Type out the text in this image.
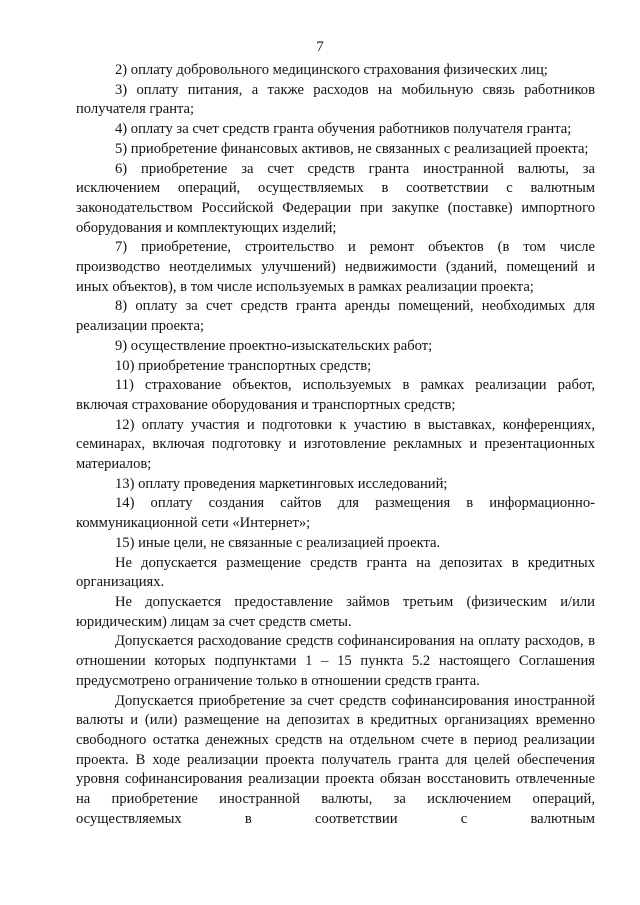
7

2) оплату добровольного медицинского страхования физических лиц;

3) оплату питания, а также расходов на мобильную связь работников получателя гранта;

4) оплату за счет средств гранта обучения работников получателя гранта;

5) приобретение финансовых активов, не связанных с реализацией проекта;

6) приобретение за счет средств гранта иностранной валюты, за исключением операций, осуществляемых в соответствии с валютным законодательством Российской Федерации при закупке (поставке) импортного оборудования и комплектующих изделий;

7) приобретение, строительство и ремонт объектов (в том числе производство неотделимых улучшений) недвижимости (зданий, помещений и иных объектов), в том числе используемых в рамках реализации проекта;

8) оплату за счет средств гранта аренды помещений, необходимых для реализации проекта;

9) осуществление проектно-изыскательских работ;

10) приобретение транспортных средств;

11) страхование объектов, используемых в рамках реализации работ, включая страхование оборудования и транспортных средств;

12) оплату участия и подготовки к участию в выставках, конференциях, семинарах, включая подготовку и изготовление рекламных и презентационных материалов;

13) оплату проведения маркетинговых исследований;

14) оплату создания сайтов для размещения в информационно-коммуникационной сети «Интернет»;

15) иные цели, не связанные с реализацией проекта.

Не допускается размещение средств гранта на депозитах в кредитных организациях.

Не допускается предоставление займов третьим (физическим и/или юридическим) лицам за счет средств сметы.

Допускается расходование средств софинансирования на оплату расходов, в отношении которых подпунктами 1 – 15 пункта 5.2 настоящего Соглашения предусмотрено ограничение только в отношении средств гранта.

Допускается приобретение за счет средств софинансирования иностранной валюты и (или) размещение на депозитах в кредитных организациях временно свободного остатка денежных средств на отдельном счете в период реализации проекта. В ходе реализации проекта получатель гранта для целей обеспечения уровня софинансирования реализации проекта обязан восстановить отвлеченные на приобретение иностранной валюты, за исключением операций, осуществляемых в соответствии с валютным
